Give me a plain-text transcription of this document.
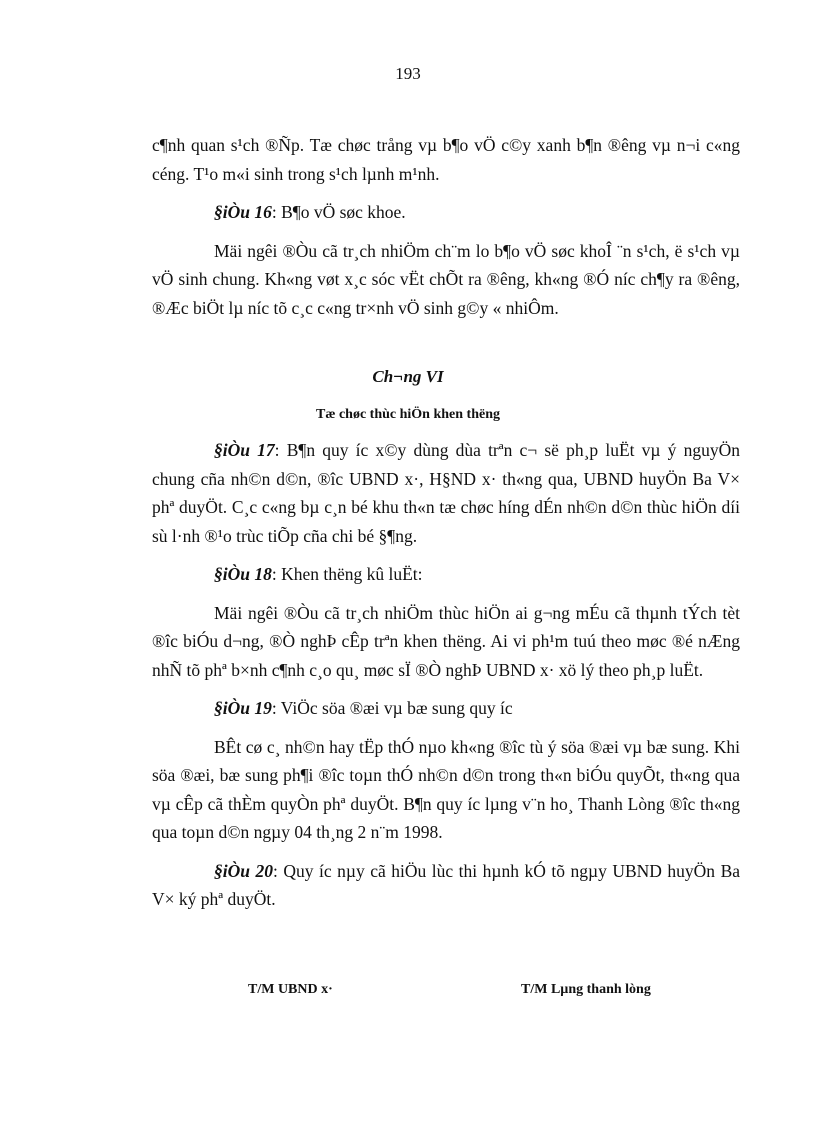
193

c¶nh quan s¹ch ®Ñp. Tæ chøc trång vµ b¶o vÖ c©y xanh b¶n ®êng vµ n¬i c«ng céng. T¹o m«i sinh trong s¹ch lµnh m¹nh.

§iÒu 16: B¶o vÖ søc khoe.

Mäi ngêi ®Òu cã tr¸ch nhiÖm ch¨m lo b¶o vÖ søc khoÎ ¨n s¹ch, ë s¹ch vµ vÖ sinh chung. Kh«ng vøt x¸c sóc vËt chÕt ra ®êng, kh«ng ®Ó níc ch¶y ra ®êng, ®Æc biÖt lµ níc tõ c¸c c«ng tr×nh vÖ sinh g©y « nhiÔm.

Ch¬ng VI
Tæ chøc thùc hiÖn khen thëng

§iÒu 17: B¶n quy íc x©y dùng dùa trªn c¬ së ph¸p luËt vµ ý nguyÖn chung cña nh©n d©n, ®îc UBND x·, H§ND x· th«ng qua, UBND huyÖn Ba V× phª duyÖt. C¸c c«ng bµ c¸n bé khu th«n tæ chøc híng dÉn nh©n d©n thùc hiÖn díi sù l·nh ®¹o trùc tiÕp cña chi bé §¶ng.

§iÒu 18: Khen thëng kû luËt:

Mäi ngêi ®Òu cã tr¸ch nhiÖm thùc hiÖn ai g¬ng mÉu cã thµnh tÝch tèt ®îc biÓu d¬ng, ®Ò nghÞ cÊp trªn khen thëng. Ai vi ph¹m tuú theo møc ®é nÆng nhÑ tõ phª b×nh c¶nh c¸o qu¸ møc sÏ ®Ò nghÞ UBND x· xö lý theo ph¸p luËt.

§iÒu 19: ViÖc söa ®æi vµ bæ sung quy íc

BÊt cø c¸ nh©n hay tËp thÓ nµo kh«ng ®îc tù ý söa ®æi vµ bæ sung. Khi söa ®æi, bæ sung ph¶i ®îc toµn thÓ nh©n d©n trong th«n biÓu quyÕt, th«ng qua vµ cÊp cã thÈm quyÒn phª duyÖt. B¶n quy íc lµng v¨n ho¸ Thanh Lòng ®îc th«ng qua toµn d©n ngµy 04 th¸ng 2 n¨m 1998.

§iÒu 20: Quy íc nµy cã hiÖu lùc thi hµnh kÓ tõ ngµy UBND huyÖn Ba V× ký phª duyÖt.

T/M UBND x·	T/M Lµng thanh lòng
